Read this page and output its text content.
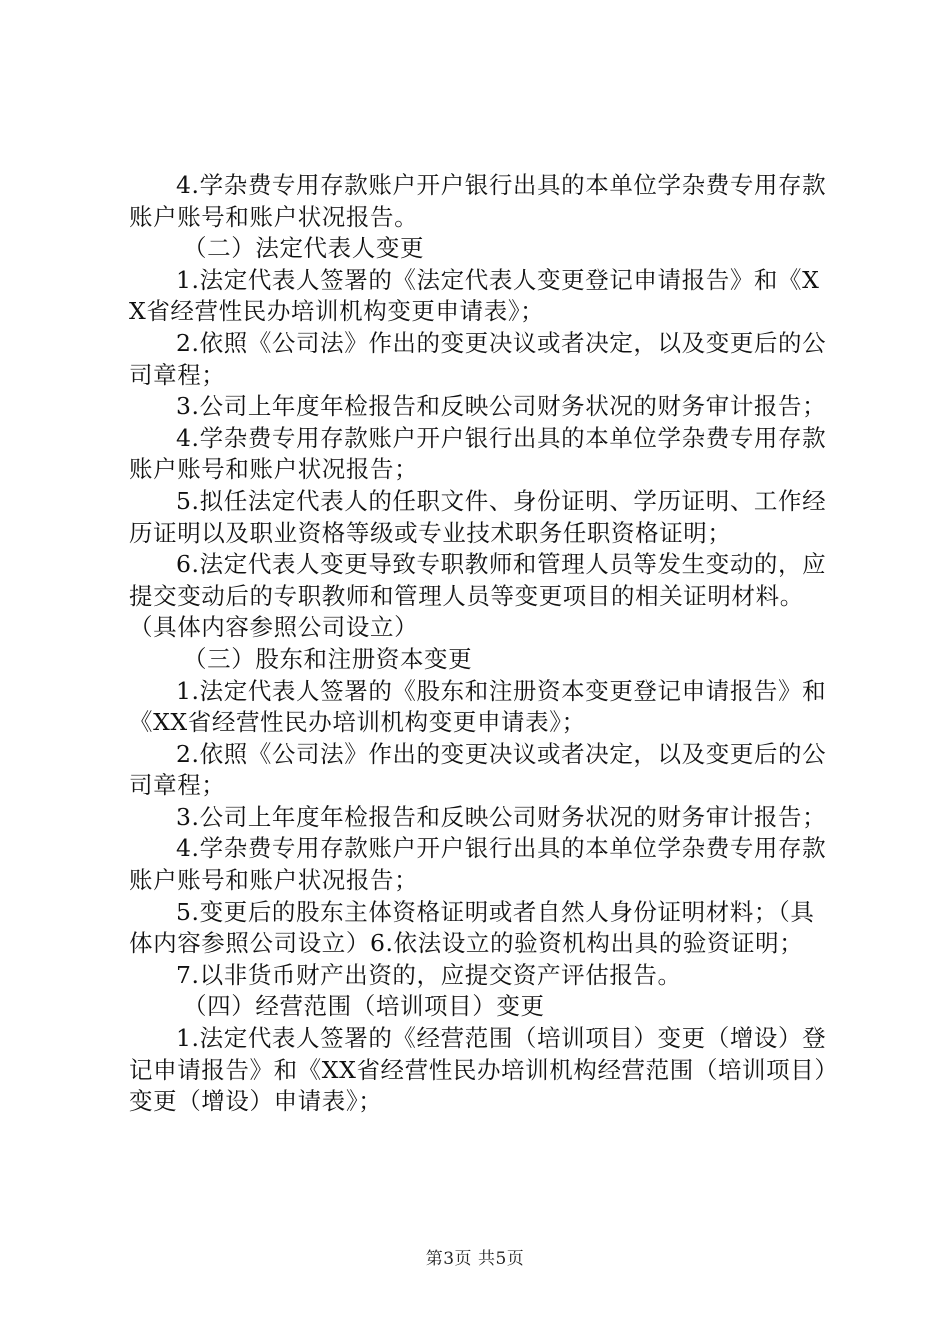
4.学杂费专用存款账户开户银行出具的本单位学杂费专用存款账户账号和账户状况报告。

（二）法定代表人变更

1.法定代表人签署的《法定代表人变更登记申请报告》和《XX省经营性民办培训机构变更申请表》；

2.依照《公司法》作出的变更决议或者决定，以及变更后的公司章程；

3.公司上年度年检报告和反映公司财务状况的财务审计报告；

4.学杂费专用存款账户开户银行出具的本单位学杂费专用存款账户账号和账户状况报告；

5.拟任法定代表人的任职文件、身份证明、学历证明、工作经历证明以及职业资格等级或专业技术职务任职资格证明；

6.法定代表人变更导致专职教师和管理人员等发生变动的，应提交变动后的专职教师和管理人员等变更项目的相关证明材料。（具体内容参照公司设立）

（三）股东和注册资本变更

1.法定代表人签署的《股东和注册资本变更登记申请报告》和《XX省经营性民办培训机构变更申请表》；

2.依照《公司法》作出的变更决议或者决定，以及变更后的公司章程；

3.公司上年度年检报告和反映公司财务状况的财务审计报告；

4.学杂费专用存款账户开户银行出具的本单位学杂费专用存款账户账号和账户状况报告；

5.变更后的股东主体资格证明或者自然人身份证明材料；（具体内容参照公司设立）6.依法设立的验资机构出具的验资证明；

7.以非货币财产出资的，应提交资产评估报告。

（四）经营范围（培训项目）变更

1.法定代表人签署的《经营范围（培训项目）变更（增设）登记申请报告》和《XX省经营性民办培训机构经营范围（培训项目）变更（增设）申请表》；

第3页 共5页
